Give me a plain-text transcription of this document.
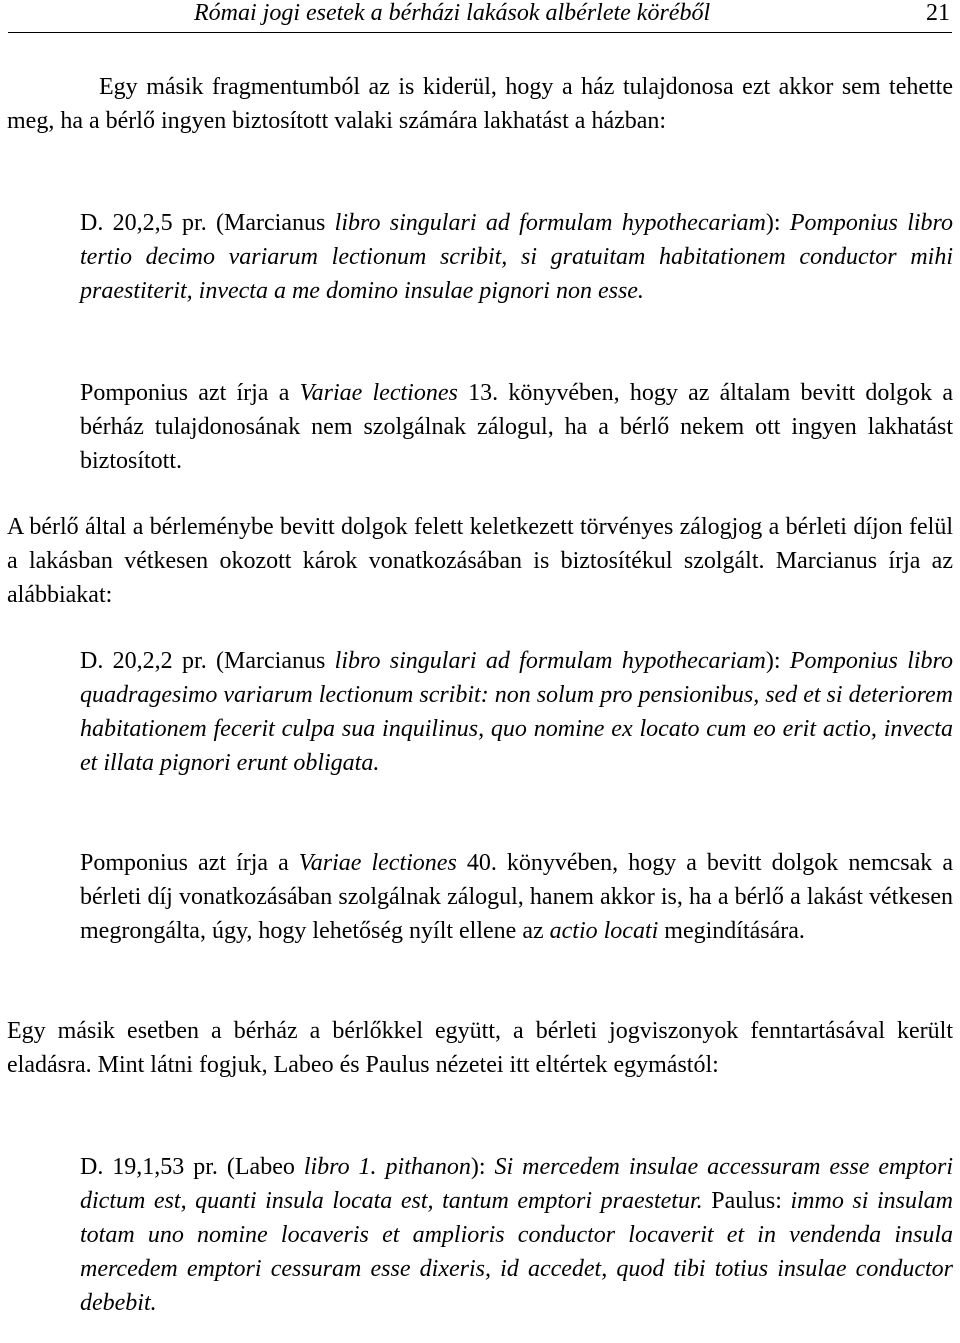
Római jogi esetek a bérházi lakások albérlete köréből	21

Egy másik fragmentumból az is kiderül, hogy a ház tulajdonosa ezt akkor sem tehette meg, ha a bérlő ingyen biztosított valaki számára lakhatást a házban:

D. 20,2,5 pr. (Marcianus libro singulari ad formulam hypothecariam): Pomponius libro tertio decimo variarum lectionum scribit, si gratuitam habitationem conductor mihi praestiterit, invecta a me domino insulae pignori non esse.
Pomponius azt írja a Variae lectiones 13. könyvében, hogy az általam bevitt dolgok a bérház tulajdonosának nem szolgálnak zálogul, ha a bérlő nekem ott ingyen lakhatást biztosított.

A bérlő által a bérleménybe bevitt dolgok felett keletkezett törvényes zálogjog a bérleti díjon felül a lakásban vétkesen okozott károk vonatkozásában is biztosítékul szolgált. Marcianus írja az alábbiakat:

D. 20,2,2 pr. (Marcianus libro singulari ad formulam hypothecariam): Pomponius libro quadragesimo variarum lectionum scribit: non solum pro pensionibus, sed et si deteriorem habitationem fecerit culpa sua inquilinus, quo nomine ex locato cum eo erit actio, invecta et illata pignori erunt obligata.
Pomponius azt írja a Variae lectiones 40. könyvében, hogy a bevitt dolgok nemcsak a bérleti díj vonatkozásában szolgálnak zálogul, hanem akkor is, ha a bérlő a lakást vétkesen megrongálta, úgy, hogy lehetőség nyílt ellene az actio locati megindítására.

Egy másik esetben a bérház a bérlőkkel együtt, a bérleti jogviszonyok fenntartásával került eladásra. Mint látni fogjuk, Labeo és Paulus nézetei itt eltértek egymástól:

D. 19,1,53 pr. (Labeo libro 1. pithanon): Si mercedem insulae accessuram esse emptori dictum est, quanti insula locata est, tantum emptori praestetur. Paulus: immo si insulam totam uno nomine locaveris et amplioris conductor locaverit et in vendenda insula mercedem emptori cessuram esse dixeris, id accedet, quod tibi totius insulae conductor debebit.
